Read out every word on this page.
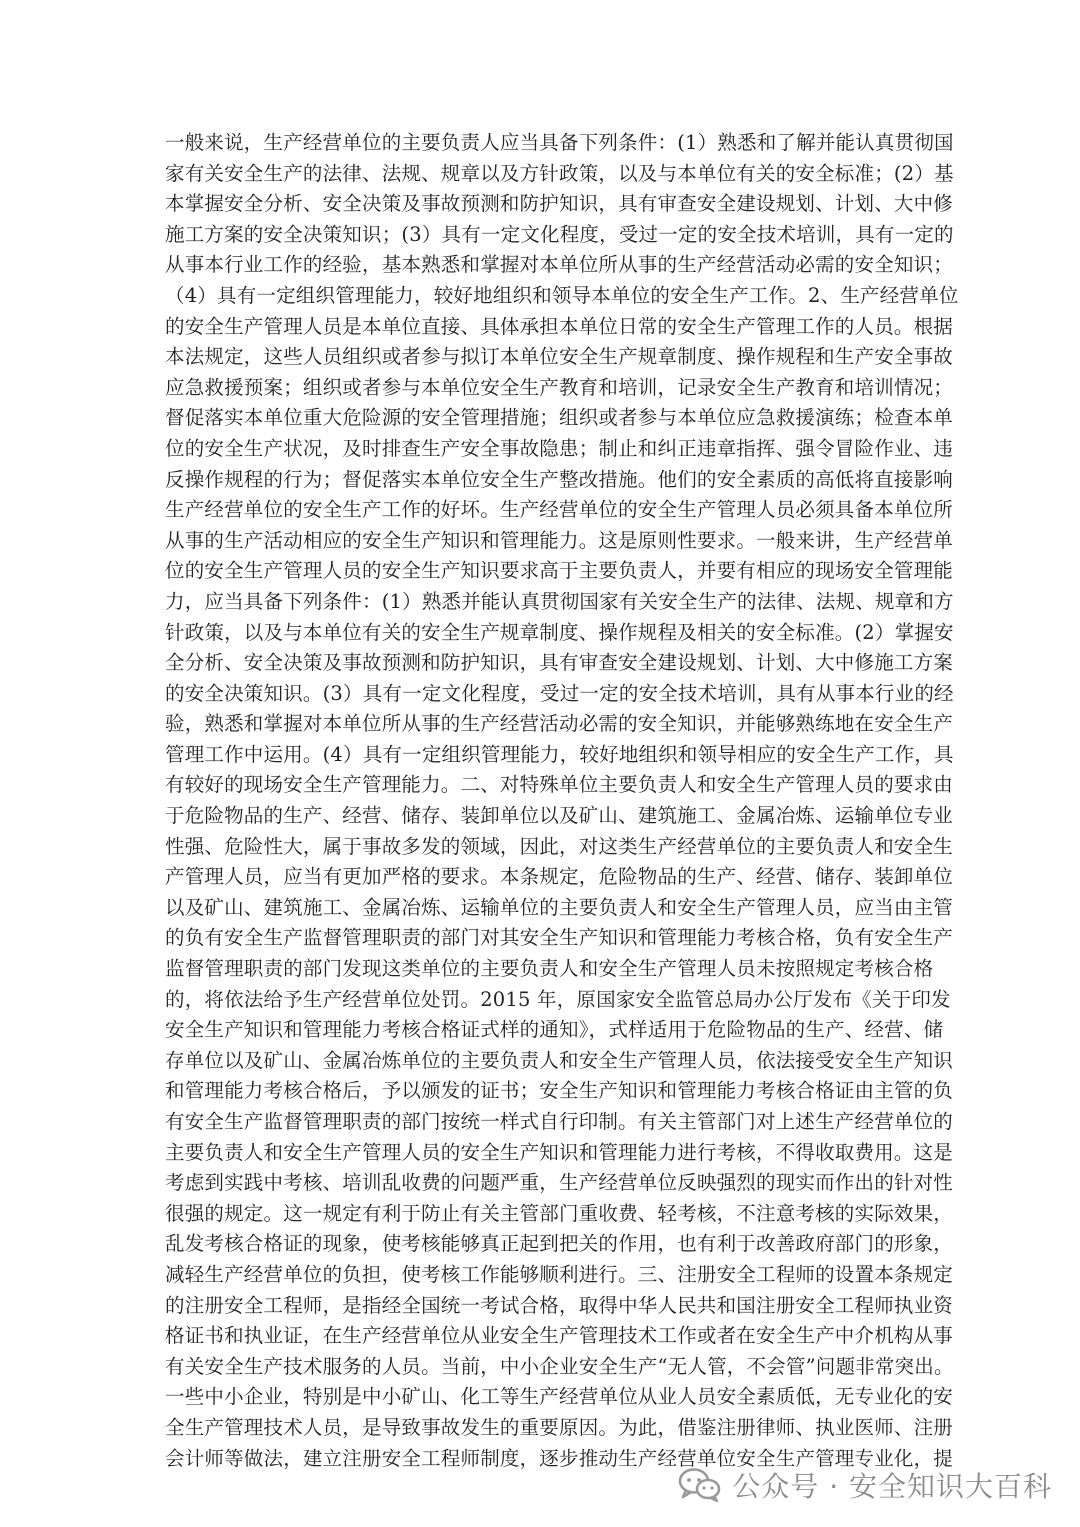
一般来说，生产经营单位的主要负责人应当具备下列条件：(1）熟悉和了解并能认真贯彻国
家有关安全生产的法律、法规、规章以及方针政策，以及与本单位有关的安全标准；(2）基
本掌握安全分析、安全决策及事故预测和防护知识，具有审查安全建设规划、计划、大中修
施工方案的安全决策知识；(3）具有一定文化程度，受过一定的安全技术培训，具有一定的
从事本行业工作的经验，基本熟悉和掌握对本单位所从事的生产经营活动必需的安全知识；
（4）具有一定组织管理能力，较好地组织和领导本单位的安全生产工作。2、生产经营单位
的安全生产管理人员是本单位直接、具体承担本单位日常的安全生产管理工作的人员。根据
本法规定，这些人员组织或者参与拟订本单位安全生产规章制度、操作规程和生产安全事故
应急救援预案；组织或者参与本单位安全生产教育和培训，记录安全生产教育和培训情况；
督促落实本单位重大危险源的安全管理措施；组织或者参与本单位应急救援演练；检查本单
位的安全生产状况，及时排查生产安全事故隐患；制止和纠正违章指挥、强令冒险作业、违
反操作规程的行为；督促落实本单位安全生产整改措施。他们的安全素质的高低将直接影响
生产经营单位的安全生产工作的好坏。生产经营单位的安全生产管理人员必须具备本单位所
从事的生产活动相应的安全生产知识和管理能力。这是原则性要求。一般来讲，生产经营单
位的安全生产管理人员的安全生产知识要求高于主要负责人，并要有相应的现场安全管理能
力，应当具备下列条件：(1）熟悉并能认真贯彻国家有关安全生产的法律、法规、规章和方
针政策，以及与本单位有关的安全生产规章制度、操作规程及相关的安全标准。(2）掌握安
全分析、安全决策及事故预测和防护知识，具有审查安全建设规划、计划、大中修施工方案
的安全决策知识。(3）具有一定文化程度，受过一定的安全技术培训，具有从事本行业的经
验，熟悉和掌握对本单位所从事的生产经营活动必需的安全知识，并能够熟练地在安全生产
管理工作中运用。(4）具有一定组织管理能力，较好地组织和领导相应的安全生产工作，具
有较好的现场安全生产管理能力。二、对特殊单位主要负责人和安全生产管理人员的要求由
于危险物品的生产、经营、储存、装卸单位以及矿山、建筑施工、金属冶炼、运输单位专业
性强、危险性大，属于事故多发的领域，因此，对这类生产经营单位的主要负责人和安全生
产管理人员，应当有更加严格的要求。本条规定，危险物品的生产、经营、储存、装卸单位
以及矿山、建筑施工、金属冶炼、运输单位的主要负责人和安全生产管理人员，应当由主管
的负有安全生产监督管理职责的部门对其安全生产知识和管理能力考核合格，负有安全生产
监督管理职责的部门发现这类单位的主要负责人和安全生产管理人员未按照规定考核合格
的，将依法给予生产经营单位处罚。2015 年，原国家安全监管总局办公厅发布《关于印发
安全生产知识和管理能力考核合格证式样的通知》，式样适用于危险物品的生产、经营、储
存单位以及矿山、金属冶炼单位的主要负责人和安全生产管理人员，依法接受安全生产知识
和管理能力考核合格后，予以颁发的证书；安全生产知识和管理能力考核合格证由主管的负
有安全生产监督管理职责的部门按统一样式自行印制。有关主管部门对上述生产经营单位的
主要负责人和安全生产管理人员的安全生产知识和管理能力进行考核，不得收取费用。这是
考虑到实践中考核、培训乱收费的问题严重，生产经营单位反映强烈的现实而作出的针对性
很强的规定。这一规定有利于防止有关主管部门重收费、轻考核，不注意考核的实际效果，
乱发考核合格证的现象，使考核能够真正起到把关的作用，也有利于改善政府部门的形象，
减轻生产经营单位的负担，使考核工作能够顺利进行。三、注册安全工程师的设置本条规定
的注册安全工程师，是指经全国统一考试合格，取得中华人民共和国注册安全工程师执业资
格证书和执业证，在生产经营单位从业安全生产管理技术工作或者在安全生产中介机构从事
有关安全生产技术服务的人员。当前，中小企业安全生产“无人管，不会管”问题非常突出。
一些中小企业，特别是中小矿山、化工等生产经营单位从业人员安全素质低，无专业化的安
全生产管理技术人员，是导致事故发生的重要原因。为此，借鉴注册律师、执业医师、注册
会计师等做法，建立注册安全工程师制度，逐步推动生产经营单位安全生产管理专业化，提
公众号 · 安全知识大百科
